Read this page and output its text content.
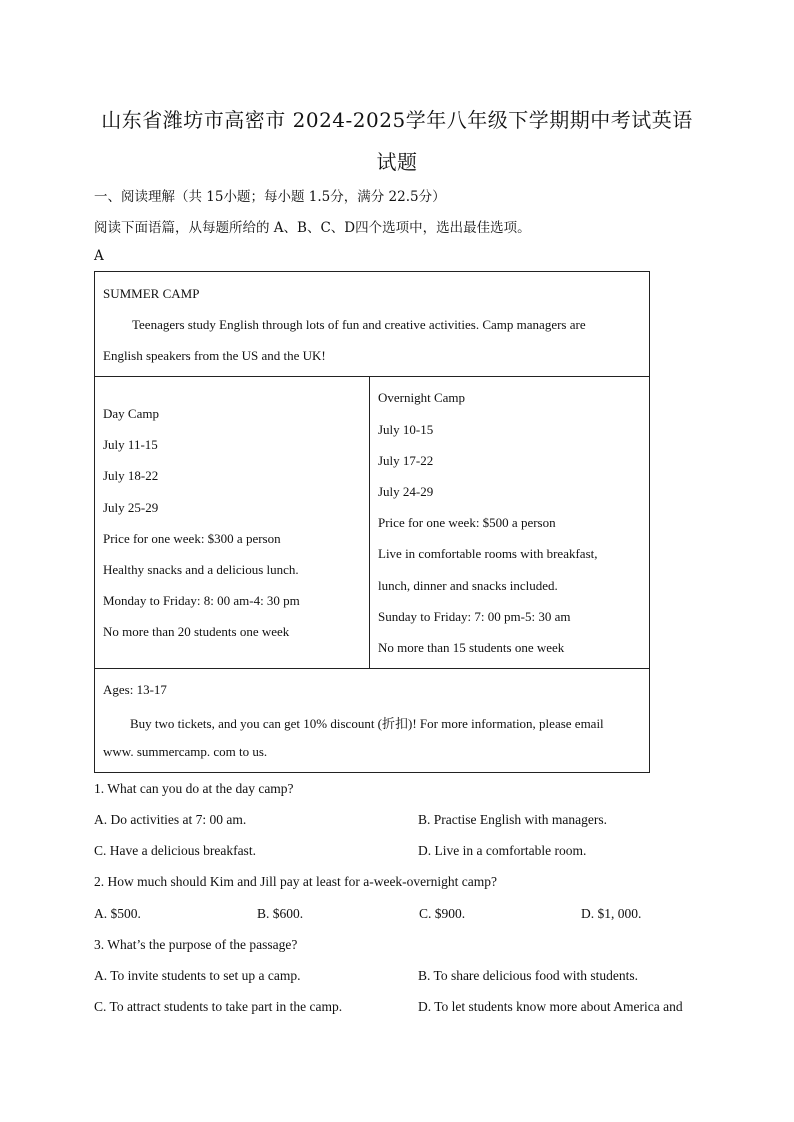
山东省潍坊市高密市 2024-2025学年八年级下学期期中考试英语
试题
一、阅读理解（共 15小题；每小题 1.5分，满分 22.5分）
阅读下面语篇，从每题所给的 A、B、C、D四个选项中，选出最佳选项。
A
SUMMER CAMP
Teenagers study English through lots of fun and creative activities. Camp managers are
English speakers from the US and the UK!
Day Camp
July 11-15
July 18-22
July 25-29
Price for one week: $300 a person
Healthy snacks and a delicious lunch.
Monday to Friday: 8: 00 am-4: 30 pm
No more than 20 students one week
Overnight Camp
July 10-15
July 17-22
July 24-29
Price for one week: $500 a person
Live in comfortable rooms with breakfast,
lunch, dinner and snacks included.
Sunday to Friday: 7: 00 pm-5: 30 am
No more than 15 students one week
Ages: 13-17
Buy two tickets, and you can get 10% discount (折扣)! For more information, please email
www. summercamp. com to us.
1. What can you do at the day camp?
A. Do activities at 7: 00 am.	B. Practise English with managers.
C. Have a delicious breakfast.	D. Live in a comfortable room.
2. How much should Kim and Jill pay at least for a-week-overnight camp?
A. $500.	B. $600.	C. $900.	D. $1, 000.
3. What’s the purpose of the passage?
A. To invite students to set up a camp.	B. To share delicious food with students.
C. To attract students to take part in the camp.	D. To let students know more about America and
